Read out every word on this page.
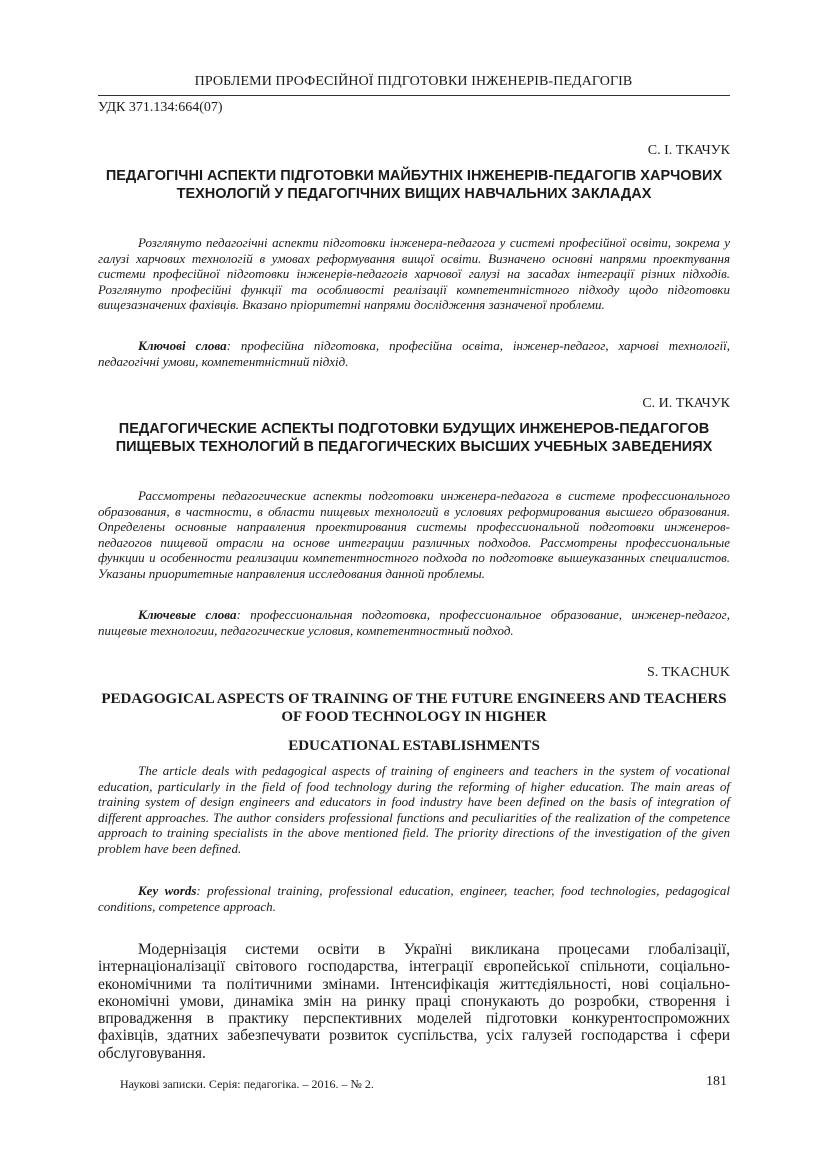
ПРОБЛЕМИ ПРОФЕСІЙНОЇ ПІДГОТОВКИ ІНЖЕНЕРІВ-ПЕДАГОГІВ
УДК 371.134:664(07)
С. І. ТКАЧУК
ПЕДАГОГІЧНІ АСПЕКТИ ПІДГОТОВКИ МАЙБУТНІХ ІНЖЕНЕРІВ-ПЕДАГОГІВ ХАРЧОВИХ ТЕХНОЛОГІЙ У ПЕДАГОГІЧНИХ ВИЩИХ НАВЧАЛЬНИХ ЗАКЛАДАХ

Розглянуто педагогічні аспекти підготовки інженера-педагога у системі професійної освіти, зокрема у галузі харчових технологій в умовах реформування вищої освіти. Визначено основні напрями проектування системи професійної підготовки інженерів-педагогів харчової галузі на засадах інтеграції різних підходів. Розглянуто професійні функції та особливості реалізації компетентністного підходу щодо підготовки вищезазначених фахівців. Вказано пріоритетні напрями дослідження зазначеної проблеми.

Ключові слова: професійна підготовка, професійна освіта, інженер-педагог, харчові технології, педагогічні умови, компетентністний підхід.

С. И. ТКАЧУК
ПЕДАГОГИЧЕСКИЕ АСПЕКТЫ ПОДГОТОВКИ БУДУЩИХ ИНЖЕНЕРОВ-ПЕДАГОГОВ ПИЩЕВЫХ ТЕХНОЛОГИЙ В ПЕДАГОГИЧЕСКИХ ВЫСШИХ УЧЕБНЫХ ЗАВЕДЕНИЯХ

Рассмотрены педагогические аспекты подготовки инженера-педагога в системе профессионального образования, в частности, в области пищевых технологий в условиях реформирования высшего образования. Определены основные направления проектирования системы профессиональной подготовки инженеров-педагогов пищевой отрасли на основе интеграции различных подходов. Рассмотрены профессиональные функции и особенности реализации компетентностного подхода по подготовке вышеуказанных специалистов. Указаны приоритетные направления исследования данной проблемы.

Ключевые слова: профессиональная подготовка, профессиональное образование, инженер-педагог, пищевые технологии, педагогические условия, компетентностный подход.

S. TKACHUK
PEDAGOGICAL ASPECTS OF TRAINING OF THE FUTURE ENGINEERS AND TEACHERS OF FOOD TECHNOLOGY IN HIGHER
EDUCATIONAL ESTABLISHMENTS

The article deals with pedagogical aspects of training of engineers and teachers in the system of vocational education, particularly in the field of food technology during the reforming of higher education. The main areas of training system of design engineers and educators in food industry have been defined on the basis of integration of different approaches. The author considers professional functions and peculiarities of the realization of the competence approach to training specialists in the above mentioned field. The priority directions of the investigation of the given problem have been defined.

Key words: professional training, professional education, engineer, teacher, food technologies, pedagogical conditions, competence approach.

Модернізація системи освіти в Україні викликана процесами глобалізації, інтернаціоналізації світового господарства, інтеграції європейської спільноти, соціально-економічними та політичними змінами. Інтенсифікація життєдіяльності, нові соціально-економічні умови, динаміка змін на ринку праці спонукають до розробки, створення і впровадження в практику перспективних моделей підготовки конкурентоспроможних фахівців, здатних забезпечувати розвиток суспільства, усіх галузей господарства і сфери обслуговування.

Наукові записки. Серія: педагогіка. – 2016. – № 2.	181
